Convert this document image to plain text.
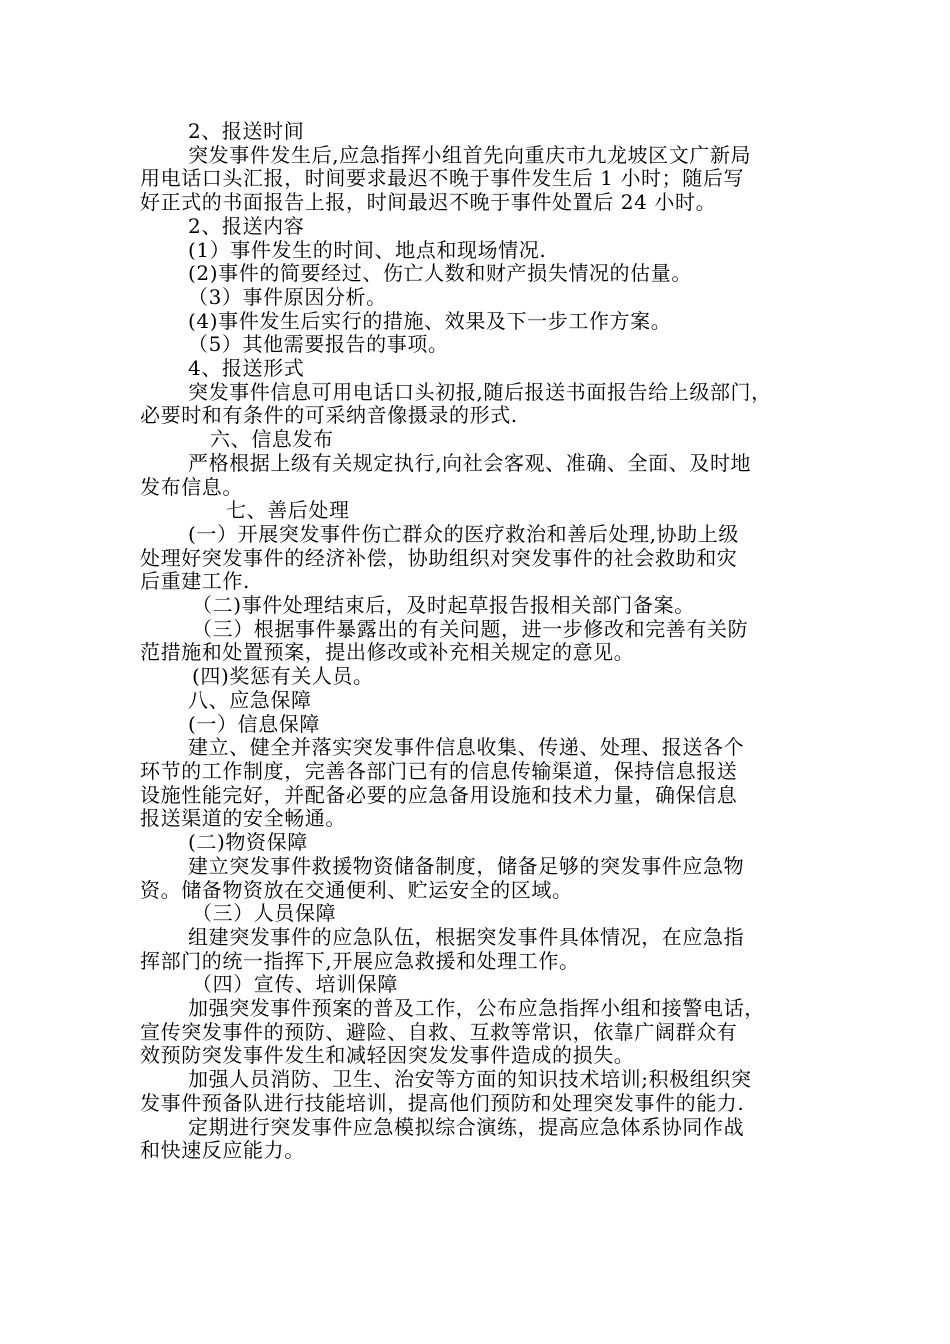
2、报送时间
突发事件发生后,应急指挥小组首先向重庆市九龙坡区文广新局
用电话口头汇报，时间要求最迟不晚于事件发生后 1 小时；随后写
好正式的书面报告上报，时间最迟不晚于事件处置后 24 小时。
2、报送内容
(1）事件发生的时间、地点和现场情况.
(2)事件的简要经过、伤亡人数和财产损失情况的估量。
（3）事件原因分析。
(4)事件发生后实行的措施、效果及下一步工作方案。
（5）其他需要报告的事项。
4、报送形式
突发事件信息可用电话口头初报,随后报送书面报告给上级部门，
必要时和有条件的可采纳音像摄录的形式.
六、信息发布
严格根据上级有关规定执行,向社会客观、准确、全面、及时地
发布信息。
七、善后处理
(一）开展突发事件伤亡群众的医疗救治和善后处理,协助上级
处理好突发事件的经济补偿，协助组织对突发事件的社会救助和灾
后重建工作.
（二)事件处理结束后，及时起草报告报相关部门备案。
（三）根据事件暴露出的有关问题，进一步修改和完善有关防
范措施和处置预案，提出修改或补充相关规定的意见。
(四)奖惩有关人员。
八、应急保障
(一）信息保障
建立、健全并落实突发事件信息收集、传递、处理、报送各个
环节的工作制度，完善各部门已有的信息传输渠道，保持信息报送
设施性能完好，并配备必要的应急备用设施和技术力量，确保信息
报送渠道的安全畅通。
(二)物资保障
建立突发事件救援物资储备制度，储备足够的突发事件应急物
资。储备物资放在交通便利、贮运安全的区域。
（三）人员保障
组建突发事件的应急队伍，根据突发事件具体情况，在应急指
挥部门的统一指挥下,开展应急救援和处理工作。
（四）宣传、培训保障
加强突发事件预案的普及工作，公布应急指挥小组和接警电话，
宣传突发事件的预防、避险、自救、互救等常识，依靠广阔群众有
效预防突发事件发生和减轻因突发发事件造成的损失。
加强人员消防、卫生、治安等方面的知识技术培训;积极组织突
发事件预备队进行技能培训，提高他们预防和处理突发事件的能力.
定期进行突发事件应急模拟综合演练，提高应急体系协同作战
和快速反应能力。
